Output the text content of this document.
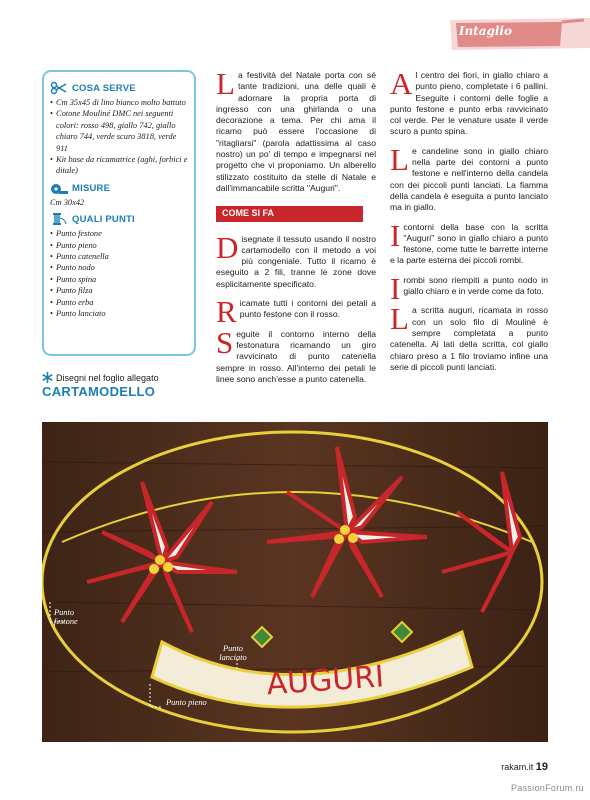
Intaglio
COSA SERVE
• Cm 35x45 di lino bianco molto battuto
• Cotone Mouliné DMC nei seguenti colori: rosso 498, giallo 742, giallo chiaro 744, verde scuro 3818, verde 911
• Kit base da ricamatrice (aghi, forbici e ditale)
MISURE
Cm 30x42
QUALI PUNTI
• Punto festone
• Punto pieno
• Punto catenella
• Punto nodo
• Punto spina
• Punto filza
• Punto erba
• Punto lanciato
Disegni nel foglio allegato
CARTAMODELLO

La festività del Natale porta con sé tante tradizioni, una delle quali è adornare la propria porta di ingresso con una ghirlanda o una decorazione a tema. Per chi ama il ricamo può essere l'occasione di "ritagliarsi" (parola adattissima al caso nostro) un po' di tempo e impegnarsi nel progetto che vi proponiamo. Un alberello stilizzato costituito da stelle di Natale e dall'immancabile scritta "Auguri".

COME SI FA

Disegnate il tessuto usando il nostro cartamodello con il metodo a voi più congeniale. Tutto il ricamo è eseguito a 2 fili, tranne le zone dove esplicitamente specificato.

Ricamate tutti i contorni dei petali a punto festone con il rosso.

Seguite il contorno interno della festonatura ricamando un giro ravvicinato di punto catenella sempre in rosso. All'interno dei petali le linee sono anch'esse a punto catenella.

Al centro dei fiori, in giallo chiaro a punto pieno, completate i 6 pallini. Eseguite i contorni delle foglie a punto festone e punto erba ravvicinato col verde. Per le venature usate il verde scuro a punto spina.

Le candeline sono in giallo chiaro nella parte dei contorni a punto festone e nell'interno della candela con dei piccoli punti lanciati. La fiamma della candela è eseguita a punto lanciato ma in giallo.

I contorni della base con la scritta "Auguri" sono in giallo chiaro a punto festone, come tutte le barrette interne e la parte esterna dei piccoli rombi.

I rombi sono riempiti a punto nodo in giallo chiaro e in verde come da foto.

La scritta auguri, ricamata in rosso con un solo filo di Mouliné è sempre completata a punto catenella. Ai lati della scritta, col giallo chiaro preso a 1 filo troviamo infine una serie di piccoli punti lanciati.

AUGURI
Punto festone
Punto lanciato
Punto pieno
rakam.it 19
PassionForum.ru
